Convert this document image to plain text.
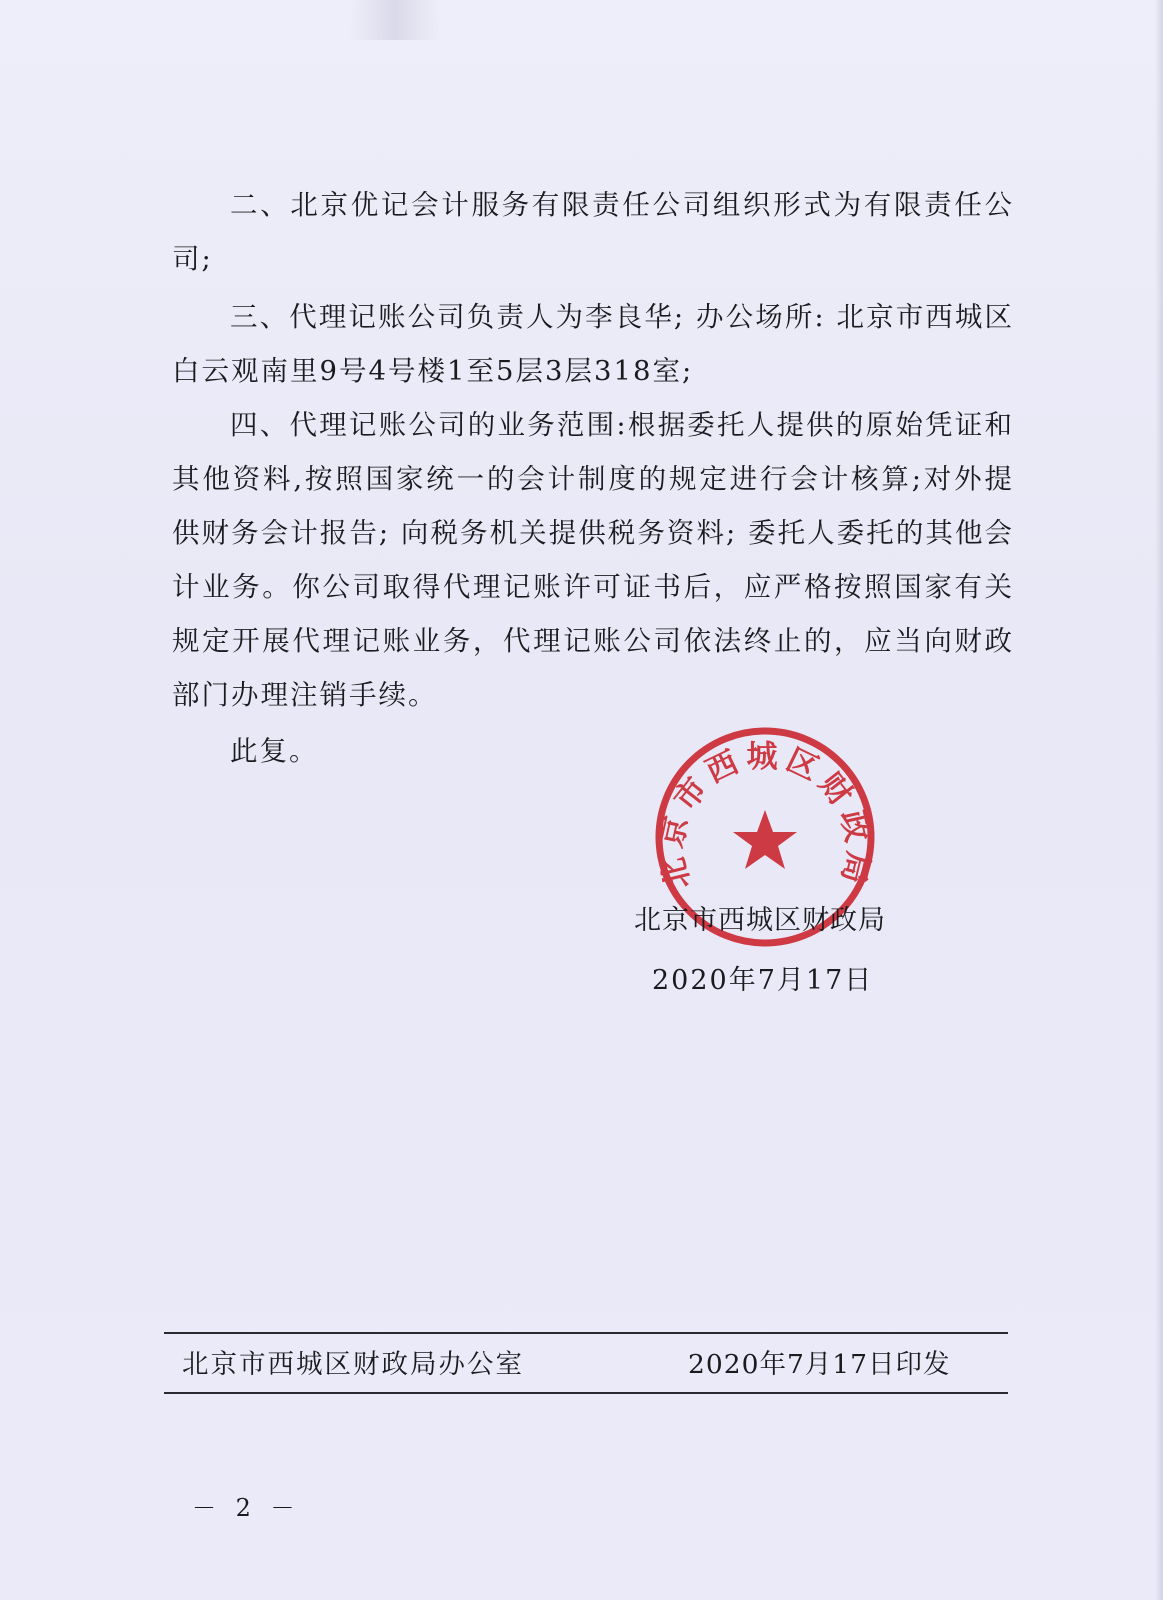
二、北京优记会计服务有限责任公司组织形式为有限责任公司;

三、代理记账公司负责人为李良华; 办公场所: 北京市西城区白云观南里9号4号楼1至5层3层318室;

四、代理记账公司的业务范围:根据委托人提供的原始凭证和其他资料,按照国家统一的会计制度的规定进行会计核算;对外提供财务会计报告; 向税务机关提供税务资料; 委托人委托的其他会计业务。你公司取得代理记账许可证书后，应严格按照国家有关规定开展代理记账业务，代理记账公司依法终止的，应当向财政部门办理注销手续。

此复。
北京市西城区财政局
北京市西城区财政局
2020年7月17日
北京市西城区财政局办公室	2020年7月17日印发
－ 2 －
